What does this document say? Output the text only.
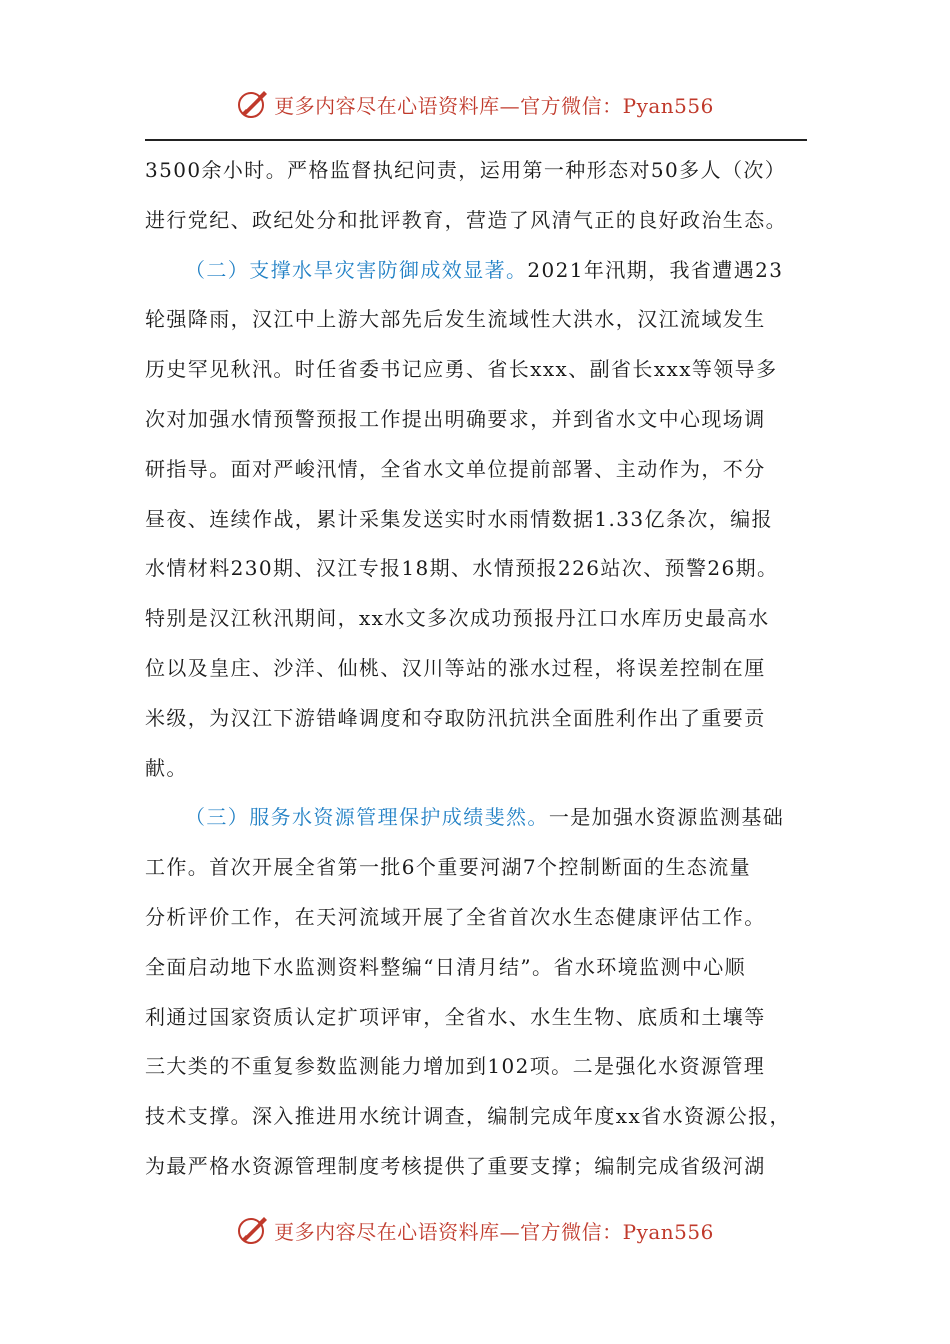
更多内容尽在心语资料库—官方微信：Pyan556
3500余小时。严格监督执纪问责，运用第一种形态对50多人（次）
进行党纪、政纪处分和批评教育，营造了风清气正的良好政治生态。
（二）支撑水旱灾害防御成效显著。2021年汛期，我省遭遇23
轮强降雨，汉江中上游大部先后发生流域性大洪水，汉江流域发生
历史罕见秋汛。时任省委书记应勇、省长xxx、副省长xxx等领导多
次对加强水情预警预报工作提出明确要求，并到省水文中心现场调
研指导。面对严峻汛情，全省水文单位提前部署、主动作为，不分
昼夜、连续作战，累计采集发送实时水雨情数据1.33亿条次，编报
水情材料230期、汉江专报18期、水情预报226站次、预警26期。
特别是汉江秋汛期间，xx水文多次成功预报丹江口水库历史最高水
位以及皇庄、沙洋、仙桃、汉川等站的涨水过程，将误差控制在厘
米级，为汉江下游错峰调度和夺取防汛抗洪全面胜利作出了重要贡
献。
（三）服务水资源管理保护成绩斐然。一是加强水资源监测基础
工作。首次开展全省第一批6个重要河湖7个控制断面的生态流量
分析评价工作，在天河流域开展了全省首次水生态健康评估工作。
全面启动地下水监测资料整编“日清月结”。省水环境监测中心顺
利通过国家资质认定扩项评审，全省水、水生生物、底质和土壤等
三大类的不重复参数监测能力增加到102项。二是强化水资源管理
技术支撑。深入推进用水统计调查，编制完成年度xx省水资源公报，
为最严格水资源管理制度考核提供了重要支撑；编制完成省级河湖
更多内容尽在心语资料库—官方微信：Pyan556
